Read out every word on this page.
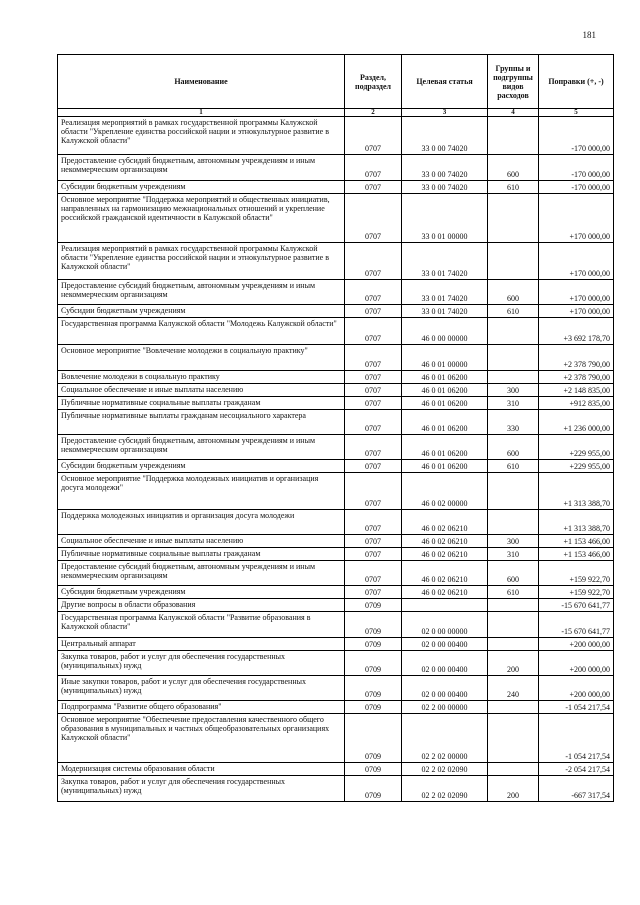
181
Наименование	Раздел, подраздел	Целевая статья	Группы и подгруппы видов расходов	Поправки (+, -)
1	2	3	4	5
Реализация мероприятий в рамках государственной программы Калужской области "Укрепление единства российской нации и этнокультурное развитие в Калужской области"	0707	33 0 00 74020		-170 000,00
Предоставление субсидий бюджетным, автономным учреждениям и иным некоммерческим организациям	0707	33 0 00 74020	600	-170 000,00
Субсидии бюджетным учреждениям	0707	33 0 00 74020	610	-170 000,00
Основное мероприятие "Поддержка мероприятий и общественных инициатив, направленных на гармонизацию межнациональных отношений и укрепление российской гражданской идентичности в Калужской области"	0707	33 0 01 00000		+170 000,00
Реализация мероприятий в рамках государственной программы Калужской области "Укрепление единства российской нации и этнокультурное развитие в Калужской области"	0707	33 0 01 74020		+170 000,00
Предоставление субсидий бюджетным, автономным учреждениям и иным некоммерческим организациям	0707	33 0 01 74020	600	+170 000,00
Субсидии бюджетным учреждениям	0707	33 0 01 74020	610	+170 000,00
Государственная программа Калужской области "Молодежь Калужской области"	0707	46 0 00 00000		+3 692 178,70
Основное мероприятие "Вовлечение молодежи в социальную практику"	0707	46 0 01 00000		+2 378 790,00
Вовлечение молодежи в социальную практику	0707	46 0 01 06200		+2 378 790,00
Социальное обеспечение и иные выплаты населению	0707	46 0 01 06200	300	+2 148 835,00
Публичные нормативные социальные выплаты гражданам	0707	46 0 01 06200	310	+912 835,00
Публичные нормативные выплаты гражданам несоциального характера	0707	46 0 01 06200	330	+1 236 000,00
Предоставление субсидий бюджетным, автономным учреждениям и иным некоммерческим организациям	0707	46 0 01 06200	600	+229 955,00
Субсидии бюджетным учреждениям	0707	46 0 01 06200	610	+229 955,00
Основное мероприятие "Поддержка молодежных инициатив и организация досуга молодежи"	0707	46 0 02 00000		+1 313 388,70
Поддержка молодежных инициатив и организация досуга молодежи	0707	46 0 02 06210		+1 313 388,70
Социальное обеспечение и иные выплаты населению	0707	46 0 02 06210	300	+1 153 466,00
Публичные нормативные социальные выплаты гражданам	0707	46 0 02 06210	310	+1 153 466,00
Предоставление субсидий бюджетным, автономным учреждениям и иным некоммерческим организациям	0707	46 0 02 06210	600	+159 922,70
Субсидии бюджетным учреждениям	0707	46 0 02 06210	610	+159 922,70
Другие вопросы в области образования	0709			-15 670 641,77
Государственная программа Калужской области "Развитие образования в Калужской области"	0709	02 0 00 00000		-15 670 641,77
Центральный аппарат	0709	02 0 00 00400		+200 000,00
Закупка товаров, работ и услуг для обеспечения государственных (муниципальных) нужд	0709	02 0 00 00400	200	+200 000,00
Иные закупки товаров, работ и услуг для обеспечения государственных (муниципальных) нужд	0709	02 0 00 00400	240	+200 000,00
Подпрограмма "Развитие общего образования"	0709	02 2 00 00000		-1 054 217,54
Основное мероприятие "Обеспечение предоставления качественного общего образования в муниципальных и частных общеобразовательных организациях Калужской области"	0709	02 2 02 00000		-1 054 217,54
Модернизация системы образования области	0709	02 2 02 02090		-2 054 217,54
Закупка товаров, работ и услуг для обеспечения государственных (муниципальных) нужд	0709	02 2 02 02090	200	-667 317,54
